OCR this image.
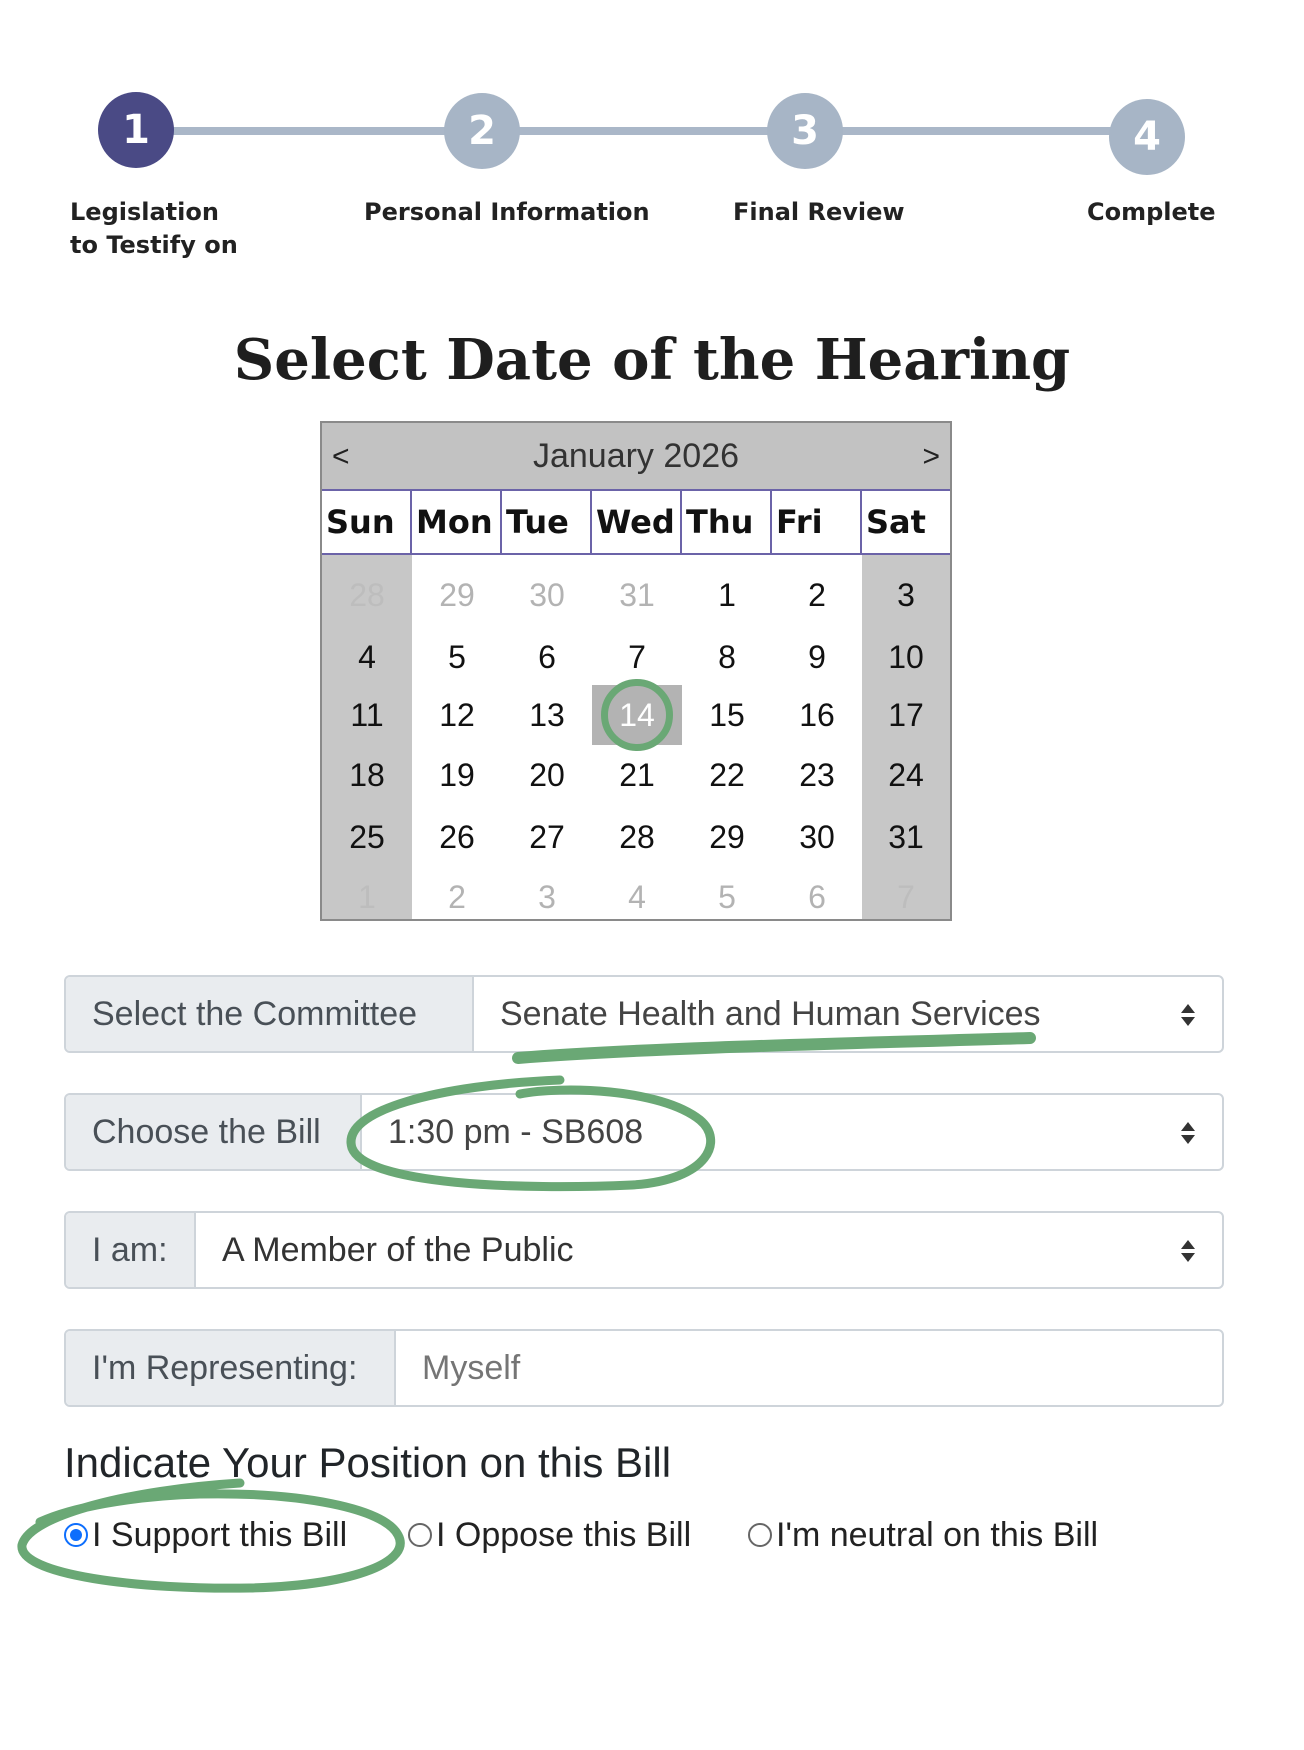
1	2	3	4
Legislation
to Testify on
Personal Information	Final Review	Complete
Select Date of the Hearing
January 2026
<	>
Sun Mon Tue Wed Thu Fri	Sat
28	29	30	31	1	2	3
4	5	6	7	8	9	10
11	12	13	14	15	16	17
18	19	20	21	22	23	24
25	26	27	28	29	30	31
1	2	3	4	5	6	7
Select the Committee	Senate Health and Human Services
Choose the Bill	1:30 pm - SB608
I am:	A Member of the Public
I'm Representing:
Myself
Indicate Your Position on this Bill
I Support this Bill	I Oppose this Bill I'm neutral on this Bill
